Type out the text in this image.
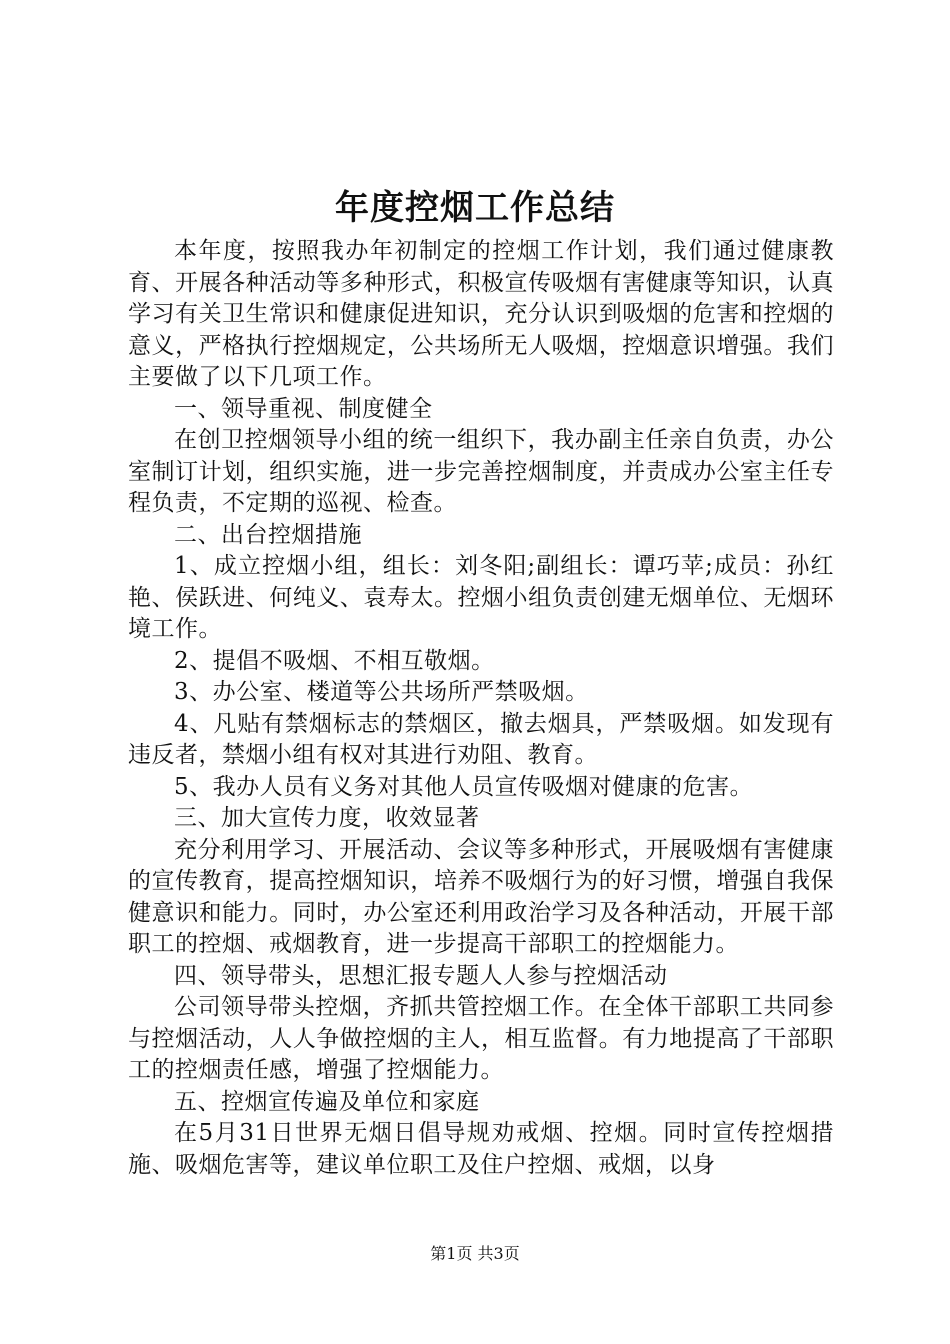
年度控烟工作总结

本年度，按照我办年初制定的控烟工作计划，我们通过健康教育、开展各种活动等多种形式，积极宣传吸烟有害健康等知识，认真学习有关卫生常识和健康促进知识，充分认识到吸烟的危害和控烟的意义，严格执行控烟规定，公共场所无人吸烟，控烟意识增强。我们主要做了以下几项工作。

一、领导重视、制度健全

在创卫控烟领导小组的统一组织下，我办副主任亲自负责，办公室制订计划，组织实施，进一步完善控烟制度，并责成办公室主任专程负责，不定期的巡视、检查。

二、出台控烟措施

1、成立控烟小组，组长：刘冬阳;副组长：谭巧苹;成员：孙红艳、侯跃进、何纯义、袁寿太。控烟小组负责创建无烟单位、无烟环境工作。

2、提倡不吸烟、不相互敬烟。

3、办公室、楼道等公共场所严禁吸烟。

4、凡贴有禁烟标志的禁烟区，撤去烟具，严禁吸烟。如发现有违反者，禁烟小组有权对其进行劝阻、教育。

5、我办人员有义务对其他人员宣传吸烟对健康的危害。

三、加大宣传力度，收效显著

充分利用学习、开展活动、会议等多种形式，开展吸烟有害健康的宣传教育，提高控烟知识，培养不吸烟行为的好习惯，增强自我保健意识和能力。同时，办公室还利用政治学习及各种活动，开展干部职工的控烟、戒烟教育，进一步提高干部职工的控烟能力。

四、领导带头，思想汇报专题人人参与控烟活动

公司领导带头控烟，齐抓共管控烟工作。在全体干部职工共同参与控烟活动，人人争做控烟的主人，相互监督。有力地提高了干部职工的控烟责任感，增强了控烟能力。

五、控烟宣传遍及单位和家庭

在5月31日世界无烟日倡导规劝戒烟、控烟。同时宣传控烟措施、吸烟危害等，建议单位职工及住户控烟、戒烟，以身

第1页 共3页
